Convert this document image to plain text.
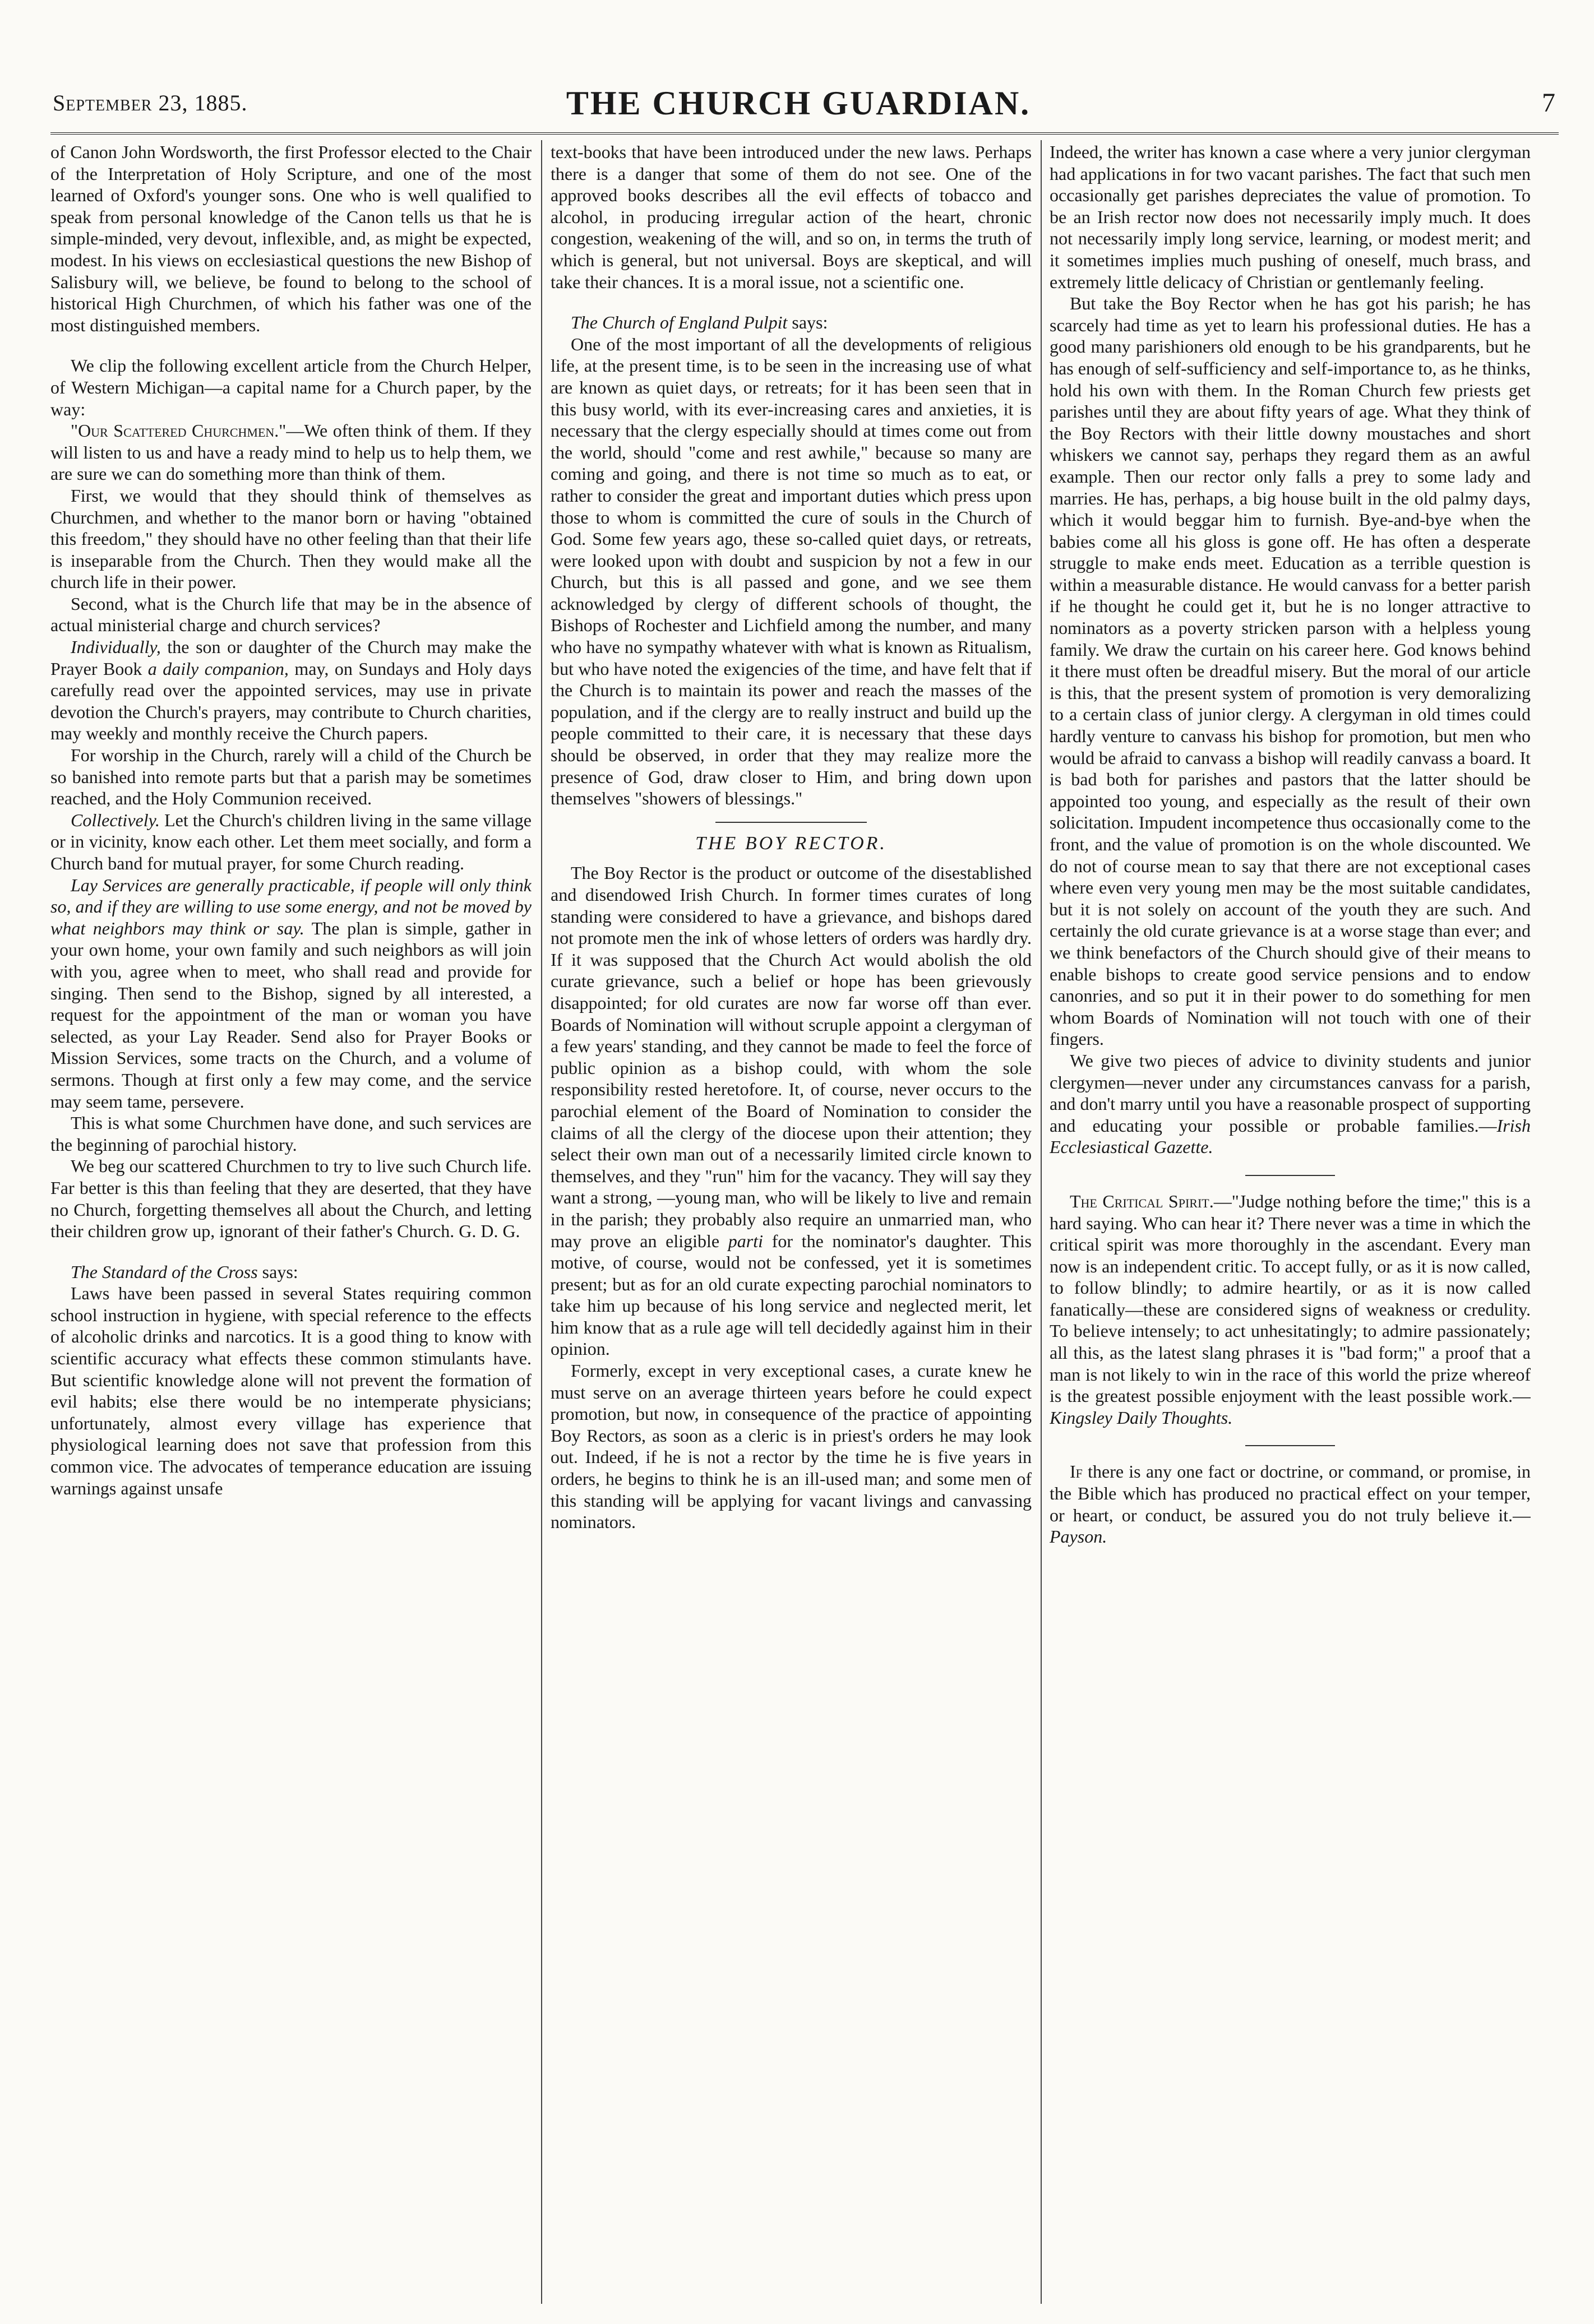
September 23, 1885.	THE CHURCH GUARDIAN.	7

of Canon John Wordsworth, the first Professor elected to the Chair of the Interpretation of Holy Scripture, and one of the most learned of Oxford's younger sons. One who is well qualified to speak from personal knowledge of the Canon tells us that he is simple-minded, very devout, inflexible, and, as might be expected, modest. In his views on ecclesiastical questions the new Bishop of Salisbury will, we believe, be found to belong to the school of historical High Churchmen, of which his father was one of the most distinguished members.

We clip the following excellent article from the Church Helper, of Western Michigan—a capital name for a Church paper, by the way:

"Our Scattered Churchmen."—We often think of them. If they will listen to us and have a ready mind to help us to help them, we are sure we can do something more than think of them.

First, we would that they should think of themselves as Churchmen, and whether to the manor born or having "obtained this freedom," they should have no other feeling than that their life is inseparable from the Church. Then they would make all the church life in their power.

Second, what is the Church life that may be in the absence of actual ministerial charge and church services?

Individually, the son or daughter of the Church may make the Prayer Book a daily companion, may, on Sundays and Holy days carefully read over the appointed services, may use in private devotion the Church's prayers, may contribute to Church charities, may weekly and monthly receive the Church papers.

For worship in the Church, rarely will a child of the Church be so banished into remote parts but that a parish may be sometimes reached, and the Holy Communion received.

Collectively. Let the Church's children living in the same village or in vicinity, know each other. Let them meet socially, and form a Church band for mutual prayer, for some Church reading.

Lay Services are generally practicable, if people will only think so, and if they are willing to use some energy, and not be moved by what neighbors may think or say. The plan is simple, gather in your own home, your own family and such neighbors as will join with you, agree when to meet, who shall read and provide for singing. Then send to the Bishop, signed by all interested, a request for the appointment of the man or woman you have selected, as your Lay Reader. Send also for Prayer Books or Mission Services, some tracts on the Church, and a volume of sermons. Though at first only a few may come, and the service may seem tame, persevere.

This is what some Churchmen have done, and such services are the beginning of parochial history.

We beg our scattered Churchmen to try to live such Church life. Far better is this than feeling that they are deserted, that they have no Church, forgetting themselves all about the Church, and letting their children grow up, ignorant of their father's Church. G. D. G.

The Standard of the Cross says:

Laws have been passed in several States requiring common school instruction in hygiene, with special reference to the effects of alcoholic drinks and narcotics. It is a good thing to know with scientific accuracy what effects these common stimulants have. But scientific knowledge alone will not prevent the formation of evil habits; else there would be no intemperate physicians; unfortunately, almost every village has experience that physiological learning does not save that profession from this common vice. The advocates of temperance education are issuing warnings against unsafe

text-books that have been introduced under the new laws. Perhaps there is a danger that some of them do not see. One of the approved books describes all the evil effects of tobacco and alcohol, in producing irregular action of the heart, chronic congestion, weakening of the will, and so on, in terms the truth of which is general, but not universal. Boys are skeptical, and will take their chances. It is a moral issue, not a scientific one.

The Church of England Pulpit says:

One of the most important of all the developments of religious life, at the present time, is to be seen in the increasing use of what are known as quiet days, or retreats; for it has been seen that in this busy world, with its ever-increasing cares and anxieties, it is necessary that the clergy especially should at times come out from the world, should "come and rest awhile," because so many are coming and going, and there is not time so much as to eat, or rather to consider the great and important duties which press upon those to whom is committed the cure of souls in the Church of God. Some few years ago, these so-called quiet days, or retreats, were looked upon with doubt and suspicion by not a few in our Church, but this is all passed and gone, and we see them acknowledged by clergy of different schools of thought, the Bishops of Rochester and Lichfield among the number, and many who have no sympathy whatever with what is known as Ritualism, but who have noted the exigencies of the time, and have felt that if the Church is to maintain its power and reach the masses of the population, and if the clergy are to really instruct and build up the people committed to their care, it is necessary that these days should be observed, in order that they may realize more the presence of God, draw closer to Him, and bring down upon themselves "showers of blessings."

THE BOY RECTOR.

The Boy Rector is the product or outcome of the disestablished and disendowed Irish Church. In former times curates of long standing were considered to have a grievance, and bishops dared not promote men the ink of whose letters of orders was hardly dry. If it was supposed that the Church Act would abolish the old curate grievance, such a belief or hope has been grievously disappointed; for old curates are now far worse off than ever. Boards of Nomination will without scruple appoint a clergyman of a few years' standing, and they cannot be made to feel the force of public opinion as a bishop could, with whom the sole responsibility rested heretofore. It, of course, never occurs to the parochial element of the Board of Nomination to consider the claims of all the clergy of the diocese upon their attention; they select their own man out of a necessarily limited circle known to themselves, and they "run" him for the vacancy. They will say they want a strong, —young man, who will be likely to live and remain in the parish; they probably also require an unmarried man, who may prove an eligible parti for the nominator's daughter. This motive, of course, would not be confessed, yet it is sometimes present; but as for an old curate expecting parochial nominators to take him up because of his long service and neglected merit, let him know that as a rule age will tell decidedly against him in their opinion.

Formerly, except in very exceptional cases, a curate knew he must serve on an average thirteen years before he could expect promotion, but now, in consequence of the practice of appointing Boy Rectors, as soon as a cleric is in priest's orders he may look out. Indeed, if he is not a rector by the time he is five years in orders, he begins to think he is an ill-used man; and some men of this standing will be applying for vacant livings and canvassing nominators.

Indeed, the writer has known a case where a very junior clergyman had applications in for two vacant parishes. The fact that such men occasionally get parishes depreciates the value of promotion. To be an Irish rector now does not necessarily imply much. It does not necessarily imply long service, learning, or modest merit; and it sometimes implies much pushing of oneself, much brass, and extremely little delicacy of Christian or gentlemanly feeling.

But take the Boy Rector when he has got his parish; he has scarcely had time as yet to learn his professional duties. He has a good many parishioners old enough to be his grandparents, but he has enough of self-sufficiency and self-importance to, as he thinks, hold his own with them. In the Roman Church few priests get parishes until they are about fifty years of age. What they think of the Boy Rectors with their little downy moustaches and short whiskers we cannot say, perhaps they regard them as an awful example. Then our rector only falls a prey to some lady and marries. He has, perhaps, a big house built in the old palmy days, which it would beggar him to furnish. Bye-and-bye when the babies come all his gloss is gone off. He has often a desperate struggle to make ends meet. Education as a terrible question is within a measurable distance. He would canvass for a better parish if he thought he could get it, but he is no longer attractive to nominators as a poverty stricken parson with a helpless young family. We draw the curtain on his career here. God knows behind it there must often be dreadful misery. But the moral of our article is this, that the present system of promotion is very demoralizing to a certain class of junior clergy. A clergyman in old times could hardly venture to canvass his bishop for promotion, but men who would be afraid to canvass a bishop will readily canvass a board. It is bad both for parishes and pastors that the latter should be appointed too young, and especially as the result of their own solicitation. Impudent incompetence thus occasionally come to the front, and the value of promotion is on the whole discounted. We do not of course mean to say that there are not exceptional cases where even very young men may be the most suitable candidates, but it is not solely on account of the youth they are such. And certainly the old curate grievance is at a worse stage than ever; and we think benefactors of the Church should give of their means to enable bishops to create good service pensions and to endow canonries, and so put it in their power to do something for men whom Boards of Nomination will not touch with one of their fingers.

We give two pieces of advice to divinity students and junior clergymen—never under any circumstances canvass for a parish, and don't marry until you have a reasonable prospect of supporting and educating your possible or probable families.—Irish Ecclesiastical Gazette.

The Critical Spirit.—"Judge nothing before the time;" this is a hard saying. Who can hear it? There never was a time in which the critical spirit was more thoroughly in the ascendant. Every man now is an independent critic. To accept fully, or as it is now called, to follow blindly; to admire heartily, or as it is now called fanatically—these are considered signs of weakness or credulity. To believe intensely; to act unhesitatingly; to admire passionately; all this, as the latest slang phrases it is "bad form;" a proof that a man is not likely to win in the race of this world the prize whereof is the greatest possible enjoyment with the least possible work.—Kingsley Daily Thoughts.

If there is any one fact or doctrine, or command, or promise, in the Bible which has produced no practical effect on your temper, or heart, or conduct, be assured you do not truly believe it.—Payson.
